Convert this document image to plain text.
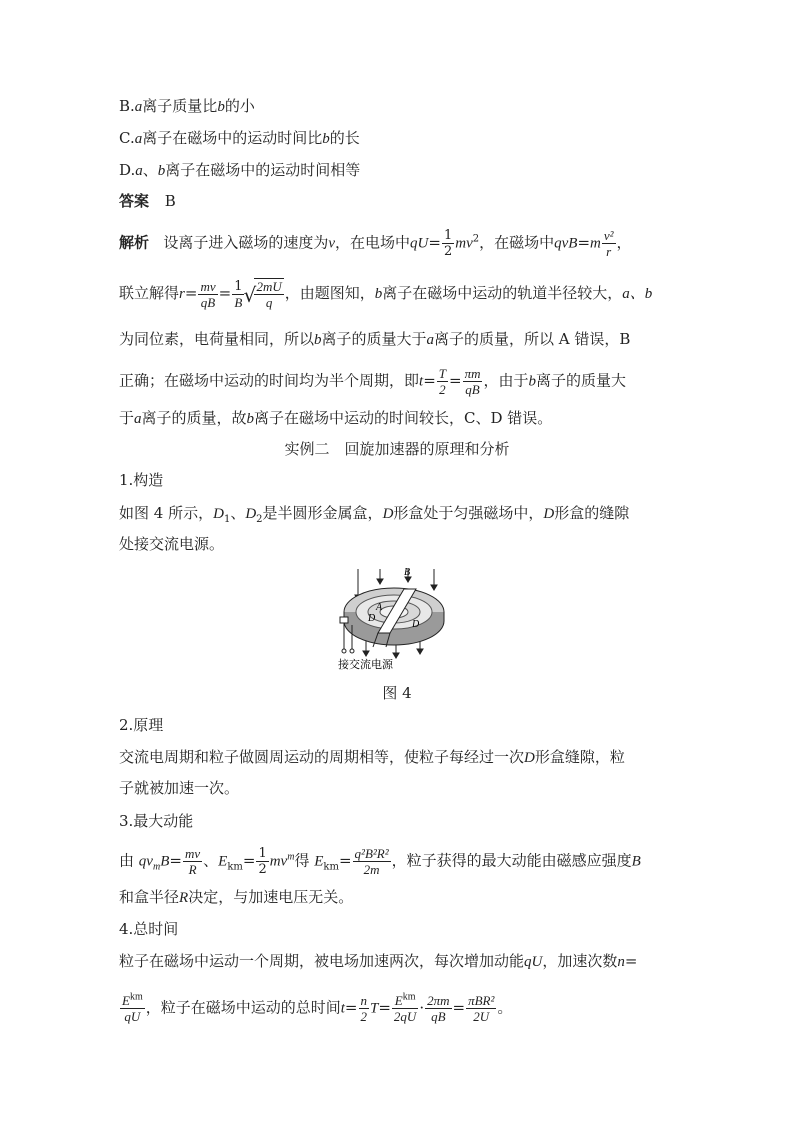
B.a离子质量比b的小
C.a离子在磁场中的运动时间比b的长
D.a、b离子在磁场中的运动时间相等
答案 B
解析 设离子进入磁场的速度为v，在电场中$qU= \frac{1}{2} mv^2$，在磁场中$qvB=m \frac{\text{v²}}{r}$ ，
联立解得$r= \frac{mv}{qB} = \frac{1}{B}$
√ $\frac{2mU}{q}$ ，由题图知，b离子在磁场中运动的轨道半径较大，a、b
为同位素，电荷量相同，所以b离子的质量大于a离子的质量，所以 A 错误，B
正确；在磁场中运动的时间均为半个周期，即$t= \frac{T}{2} = \frac{\pi m}{qB}$ ，由于b离子的质量大
于a离子的质量，故b离子在磁场中运动的时间较长，C、D 错误。
实例二　回旋加速器的原理和分析
1.构造
如图 4 所示，$D_1$、$D_2$是半圆形金属盒，D形盒处于匀强磁场中，D形盒的缝隙
处接交流电源。
B
A
D
D
接交流电源
图 4
2.原理
交流电周期和粒子做圆周运动的周期相等，使粒子每经过一次D形盒缝隙，粒
子就被加速一次。
3.最大动能
由 $qv_mB= \frac{mv}{R}$ 、$E_{km}= \frac{1}{2} mv^m$得 $E_{km}= \frac{\text{q²B²R²}}{2m}$ ，粒子获得的最大动能由磁感应强度B
和盒半径R决定，与加速电压无关。
4.总时间
粒子在磁场中运动一个周期，被电场加速两次，每次增加动能qU，加速次数n=
$\frac{E^{km}}{qU}$ ，粒子在磁场中运动的总时间$t= \frac{n}{2} T= \frac{E^{km}}{2qU} \cdot \frac{2\pi m}{qB} = \frac{\text{πBR²}}{2U}$ 。
